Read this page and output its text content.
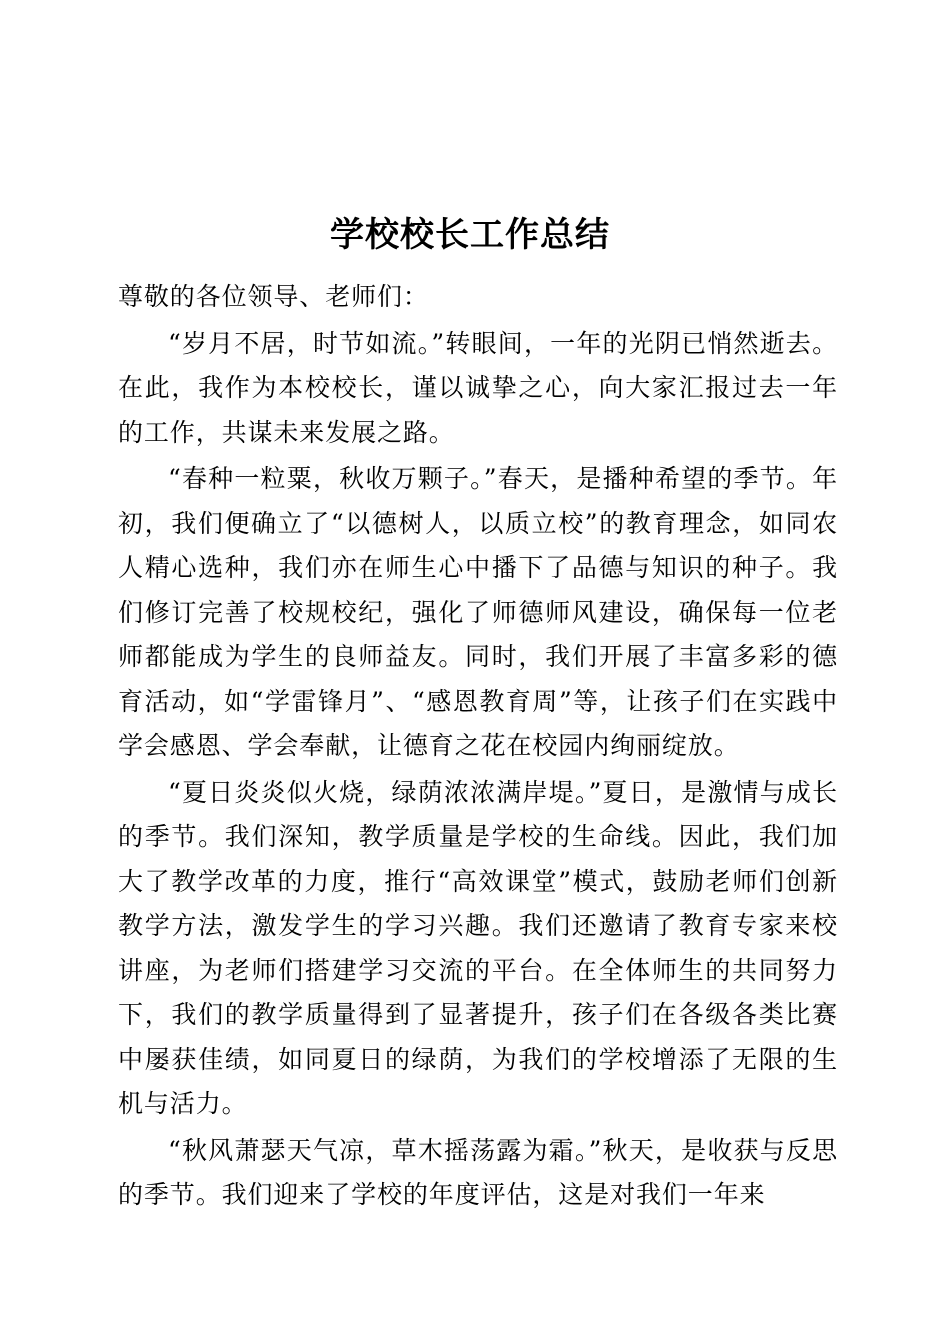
学校校长工作总结

尊敬的各位领导、老师们：

“岁月不居，时节如流。”转眼间，一年的光阴已悄然逝去。在此，我作为本校校长，谨以诚挚之心，向大家汇报过去一年的工作，共谋未来发展之路。

“春种一粒粟，秋收万颗子。”春天，是播种希望的季节。年初，我们便确立了“以德树人，以质立校”的教育理念，如同农人精心选种，我们亦在师生心中播下了品德与知识的种子。我们修订完善了校规校纪，强化了师德师风建设，确保每一位老师都能成为学生的良师益友。同时，我们开展了丰富多彩的德育活动，如“学雷锋月”、“感恩教育周”等，让孩子们在实践中学会感恩、学会奉献，让德育之花在校园内绚丽绽放。

“夏日炎炎似火烧，绿荫浓浓满岸堤。”夏日，是激情与成长的季节。我们深知，教学质量是学校的生命线。因此，我们加大了教学改革的力度，推行“高效课堂”模式，鼓励老师们创新教学方法，激发学生的学习兴趣。我们还邀请了教育专家来校讲座，为老师们搭建学习交流的平台。在全体师生的共同努力下，我们的教学质量得到了显著提升，孩子们在各级各类比赛中屡获佳绩，如同夏日的绿荫，为我们的学校增添了无限的生机与活力。

“秋风萧瑟天气凉，草木摇荡露为霜。”秋天，是收获与反思的季节。我们迎来了学校的年度评估，这是对我们一年来
